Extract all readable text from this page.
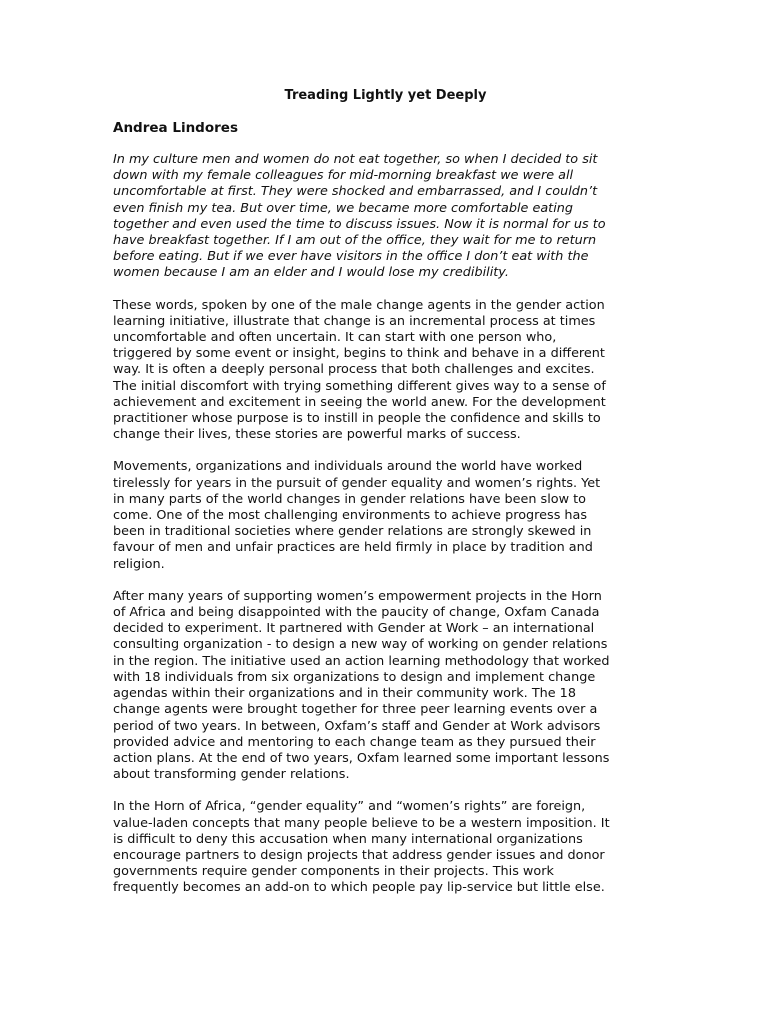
Treading Lightly yet Deeply
Andrea Lindores
In my culture men and women do not eat together, so when I decided to sit
down with my female colleagues for mid-morning breakfast we were all
uncomfortable at first. They were shocked and embarrassed, and I couldn’t
even finish my tea. But over time, we became more comfortable eating
together and even used the time to discuss issues. Now it is normal for us to
have breakfast together. If I am out of the office, they wait for me to return
before eating. But if we ever have visitors in the office I don’t eat with the
women because I am an elder and I would lose my credibility.
These words, spoken by one of the male change agents in the gender action
learning initiative, illustrate that change is an incremental process at times
uncomfortable and often uncertain. It can start with one person who,
triggered by some event or insight, begins to think and behave in a different
way. It is often a deeply personal process that both challenges and excites.
The initial discomfort with trying something different gives way to a sense of
achievement and excitement in seeing the world anew. For the development
practitioner whose purpose is to instill in people the confidence and skills to
change their lives, these stories are powerful marks of success.
Movements, organizations and individuals around the world have worked
tirelessly for years in the pursuit of gender equality and women’s rights. Yet
in many parts of the world changes in gender relations have been slow to
come. One of the most challenging environments to achieve progress has
been in traditional societies where gender relations are strongly skewed in
favour of men and unfair practices are held firmly in place by tradition and
religion.
After many years of supporting women’s empowerment projects in the Horn
of Africa and being disappointed with the paucity of change, Oxfam Canada
decided to experiment. It partnered with Gender at Work – an international
consulting organization - to design a new way of working on gender relations
in the region. The initiative used an action learning methodology that worked
with 18 individuals from six organizations to design and implement change
agendas within their organizations and in their community work. The 18
change agents were brought together for three peer learning events over a
period of two years. In between, Oxfam’s staff and Gender at Work advisors
provided advice and mentoring to each change team as they pursued their
action plans. At the end of two years, Oxfam learned some important lessons
about transforming gender relations.
In the Horn of Africa, “gender equality” and “women’s rights” are foreign,
value-laden concepts that many people believe to be a western imposition. It
is difficult to deny this accusation when many international organizations
encourage partners to design projects that address gender issues and donor
governments require gender components in their projects. This work
frequently becomes an add-on to which people pay lip-service but little else.
